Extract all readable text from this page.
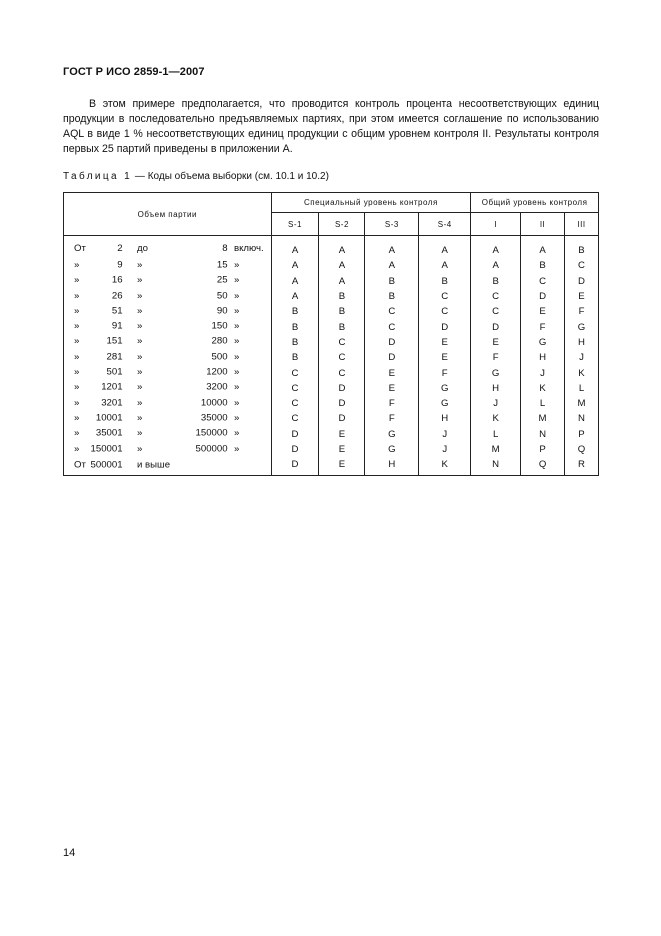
ГОСТ Р ИСО 2859-1—2007

В этом примере предполагается, что проводится контроль процента несоответствующих единиц продукции в последовательно предъявляемых партиях, при этом имеется соглашение по использованию AQL в виде 1 % несоответствующих единиц продукции с общим уровнем контроля II. Результаты контроля первых 25 партий приведены в приложении А.

Таблица 1 — Коды объема выборки (см. 10.1 и 10.2)
Объем партии	Специальный уровень контроля				Общий уровень контроля		
	S-1	S-2	S-3	S-4	I	II	III

От 2 до 8 включ.	A	A	A	A	A	A	B

» 9 » 15 »	A	A	A	A	A	B	C

» 16 » 25 »	A	A	B	B	B	C	D

» 26 » 50 »	A	B	B	C	C	D	E

» 51 » 90 »	B	B	C	C	C	E	F

» 91 » 150 »	B	B	C	D	D	F	G

» 151 » 280 »	B	C	D	E	E	G	H

» 281 » 500 »	B	C	D	E	F	H	J

» 501 » 1200 »	C	C	E	F	G	J	K

» 1201 » 3200 »	C	D	E	G	H	K	L

» 3201 » 10000 »	C	D	F	G	J	L	M

» 10001 » 35000 »	C	D	F	H	K	M	N

» 35001 » 150000 »	D	E	G	J	L	N	P

» 150001 » 500000 »	D	E	G	J	M	P	Q

От 500001 и выше	D	E	H	K	N	Q	R
14
